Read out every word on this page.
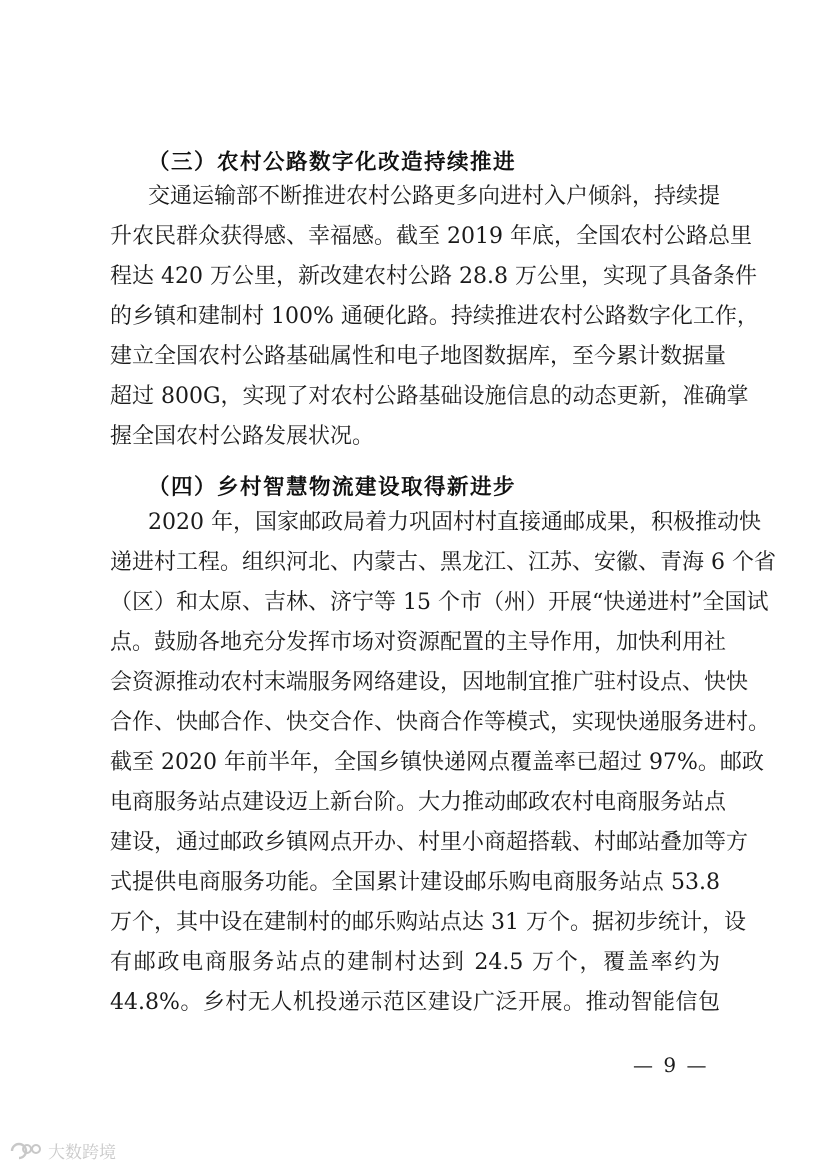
（三）农村公路数字化改造持续推进
交通运输部不断推进农村公路更多向进村入户倾斜，持续提
升农民群众获得感、幸福感。截至 2019 年底，全国农村公路总里
程达 420 万公里，新改建农村公路 28.8 万公里，实现了具备条件
的乡镇和建制村 100% 通硬化路。持续推进农村公路数字化工作，
建立全国农村公路基础属性和电子地图数据库，至今累计数据量
超过 800G，实现了对农村公路基础设施信息的动态更新，准确掌
握全国农村公路发展状况。
（四）乡村智慧物流建设取得新进步
2020 年，国家邮政局着力巩固村村直接通邮成果，积极推动快
递进村工程。组织河北、内蒙古、黑龙江、江苏、安徽、青海 6 个省
（区）和太原、吉林、济宁等 15 个市（州）开展“快递进村”全国试
点。鼓励各地充分发挥市场对资源配置的主导作用，加快利用社
会资源推动农村末端服务网络建设，因地制宜推广驻村设点、快快
合作、快邮合作、快交合作、快商合作等模式，实现快递服务进村。
截至 2020 年前半年，全国乡镇快递网点覆盖率已超过 97%。邮政
电商服务站点建设迈上新台阶。大力推动邮政农村电商服务站点
建设，通过邮政乡镇网点开办、村里小商超搭载、村邮站叠加等方
式提供电商服务功能。全国累计建设邮乐购电商服务站点 53.8
万个，其中设在建制村的邮乐购站点达 31 万个。据初步统计，设
有邮政电商服务站点的建制村达到 24.5 万个，覆盖率约为
44.8%。乡村无人机投递示范区建设广泛开展。推动智能信包
— 9 —
大数跨境
